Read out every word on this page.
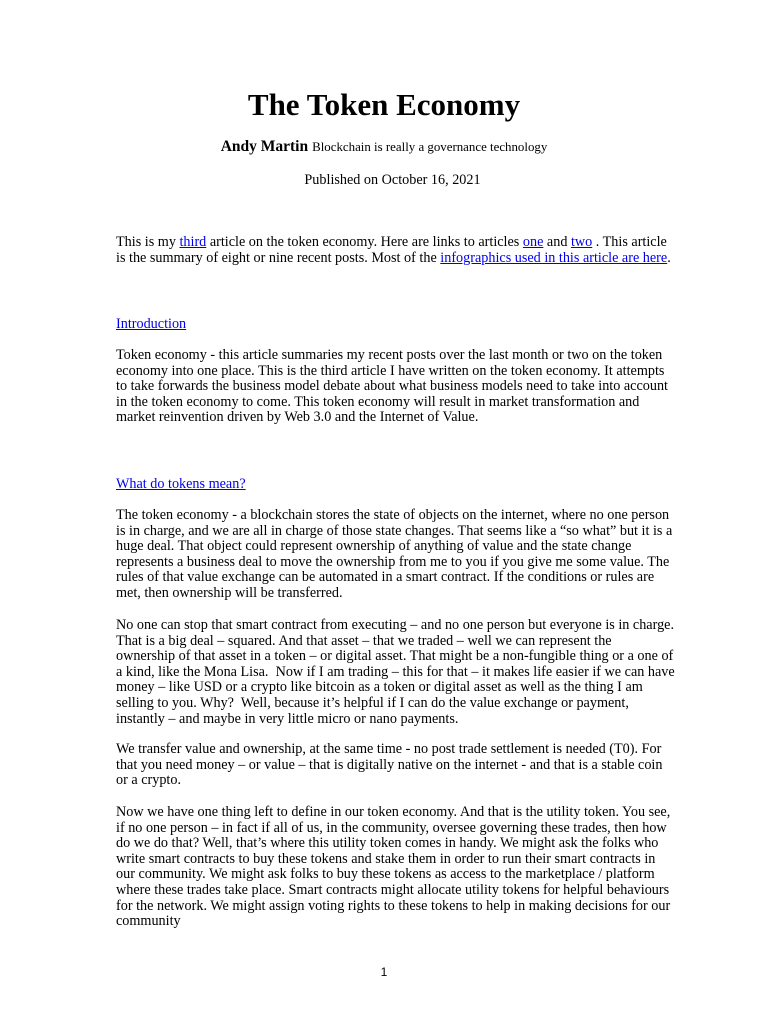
The Token Economy
Andy Martin Blockchain is really a governance technology
Published on October 16, 2021
This is my third article on the token economy. Here are links to articles one and two . This article
is the summary of eight or nine recent posts. Most of the infographics used in this article are here.
Introduction
Token economy - this article summaries my recent posts over the last month or two on the token
economy into one place. This is the third article I have written on the token economy. It attempts
to take forwards the business model debate about what business models need to take into account
in the token economy to come. This token economy will result in market transformation and
market reinvention driven by Web 3.0 and the Internet of Value.
What do tokens mean?
The token economy - a blockchain stores the state of objects on the internet, where no one person
is in charge, and we are all in charge of those state changes. That seems like a “so what” but it is a
huge deal. That object could represent ownership of anything of value and the state change
represents a business deal to move the ownership from me to you if you give me some value. The
rules of that value exchange can be automated in a smart contract. If the conditions or rules are
met, then ownership will be transferred.
No one can stop that smart contract from executing – and no one person but everyone is in charge.
That is a big deal – squared. And that asset – that we traded – well we can represent the
ownership of that asset in a token – or digital asset. That might be a non-fungible thing or a one of
a kind, like the Mona Lisa.  Now if I am trading – this for that – it makes life easier if we can have
money – like USD or a crypto like bitcoin as a token or digital asset as well as the thing I am
selling to you. Why?  Well, because it’s helpful if I can do the value exchange or payment,
instantly – and maybe in very little micro or nano payments.
We transfer value and ownership, at the same time - no post trade settlement is needed (T0). For
that you need money – or value – that is digitally native on the internet - and that is a stable coin
or a crypto.
Now we have one thing left to define in our token economy. And that is the utility token. You see,
if no one person – in fact if all of us, in the community, oversee governing these trades, then how
do we do that? Well, that’s where this utility token comes in handy. We might ask the folks who
write smart contracts to buy these tokens and stake them in order to run their smart contracts in
our community. We might ask folks to buy these tokens as access to the marketplace / platform
where these trades take place. Smart contracts might allocate utility tokens for helpful behaviours
for the network. We might assign voting rights to these tokens to help in making decisions for our
community
1
